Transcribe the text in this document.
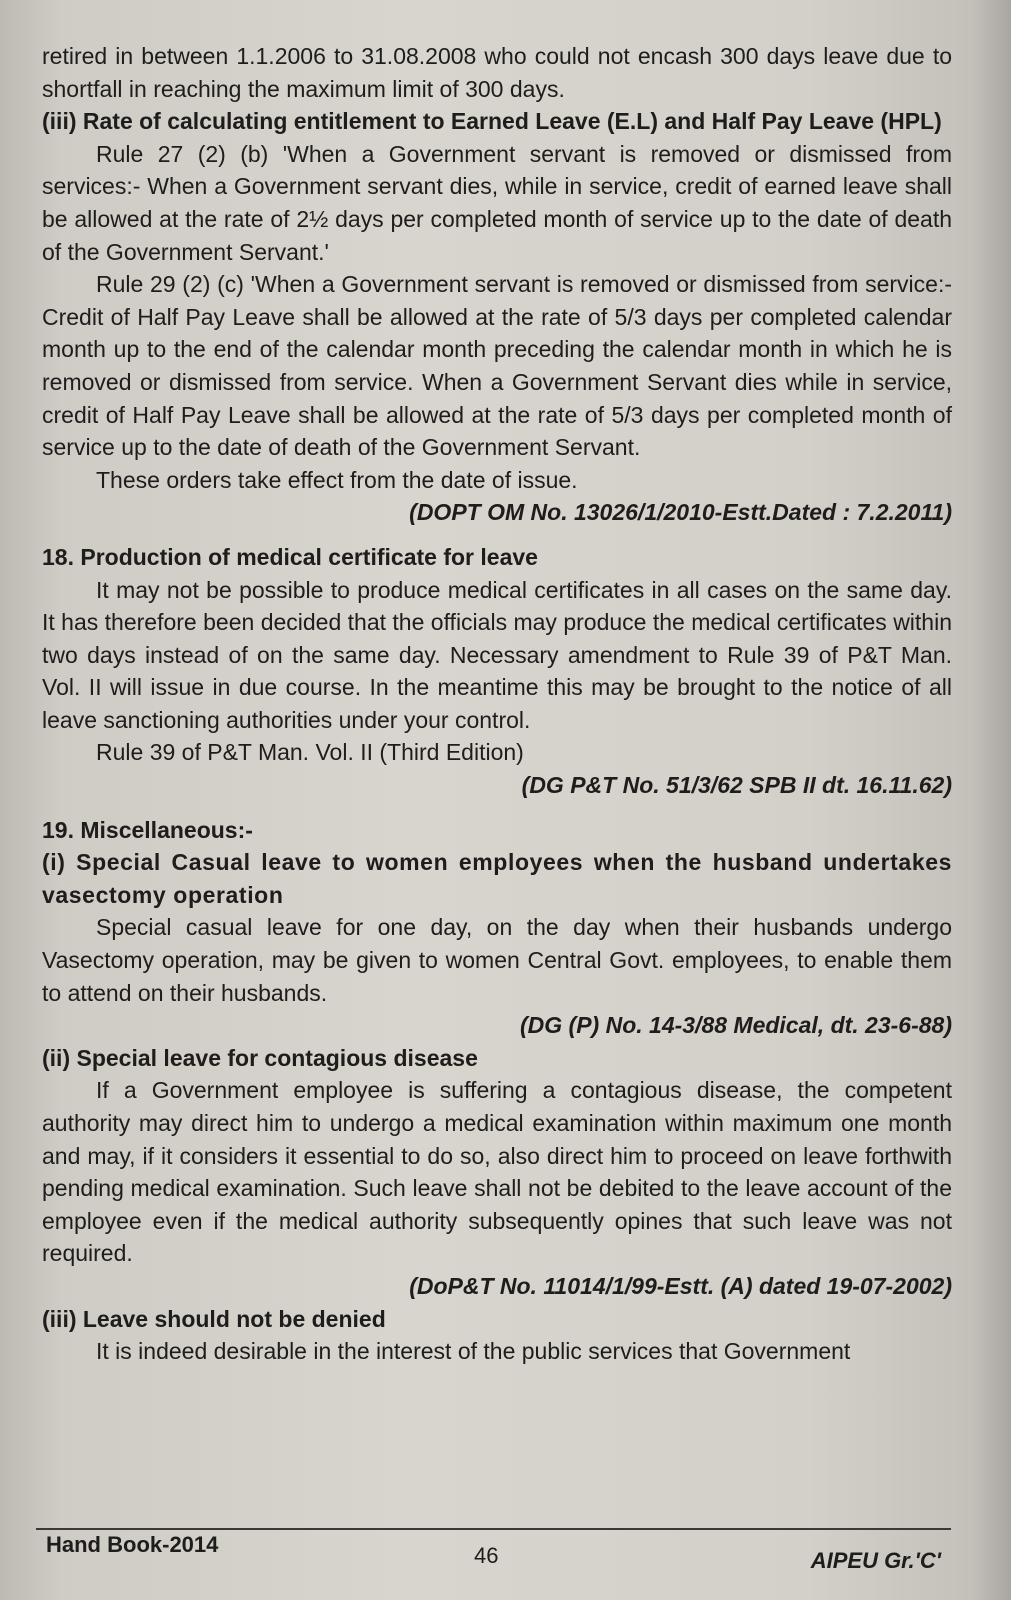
retired in between 1.1.2006 to 31.08.2008 who could not encash 300 days leave due to shortfall in reaching the maximum limit of 300 days.

(iii) Rate of calculating entitlement to Earned Leave (E.L) and Half Pay Leave (HPL)

Rule 27 (2) (b) 'When a Government servant is removed or dismissed from services:- When a Government servant dies, while in service, credit of earned leave shall be allowed at the rate of 2½ days per completed month of service up to the date of death of the Government Servant.'

Rule 29 (2) (c) 'When a Government servant is removed or dismissed from service:- Credit of Half Pay Leave shall be allowed at the rate of 5/3 days per completed calendar month up to the end of the calendar month preceding the calendar month in which he is removed or dismissed from service. When a Government Servant dies while in service, credit of Half Pay Leave shall be allowed at the rate of 5/3 days per completed month of service up to the date of death of the Government Servant.

These orders take effect from the date of issue.

(DOPT OM No. 13026/1/2010-Estt.Dated : 7.2.2011)

18. Production of medical certificate for leave

It may not be possible to produce medical certificates in all cases on the same day. It has therefore been decided that the officials may produce the medical certificates within two days instead of on the same day. Necessary amendment to Rule 39 of P&T Man. Vol. II will issue in due course. In the meantime this may be brought to the notice of all leave sanctioning authorities under your control.

Rule 39 of P&T Man. Vol. II (Third Edition)

(DG P&T No. 51/3/62 SPB II dt. 16.11.62)

19. Miscellaneous:-

(i) Special Casual leave to women employees when the husband undertakes vasectomy operation

Special casual leave for one day, on the day when their husbands undergo Vasectomy operation, may be given to women Central Govt. employees, to enable them to attend on their husbands.

(DG (P) No. 14-3/88 Medical, dt. 23-6-88)

(ii) Special leave for contagious disease

If a Government employee is suffering a contagious disease, the competent authority may direct him to undergo a medical examination within maximum one month and may, if it considers it essential to do so, also direct him to proceed on leave forthwith pending medical examination. Such leave shall not be debited to the leave account of the employee even if the medical authority subsequently opines that such leave was not required.

(DoP&T No. 11014/1/99-Estt. (A) dated 19-07-2002)

(iii) Leave should not be denied

It is indeed desirable in the interest of the public services that Government

Hand Book-2014	46	AIPEU Gr.'C'
